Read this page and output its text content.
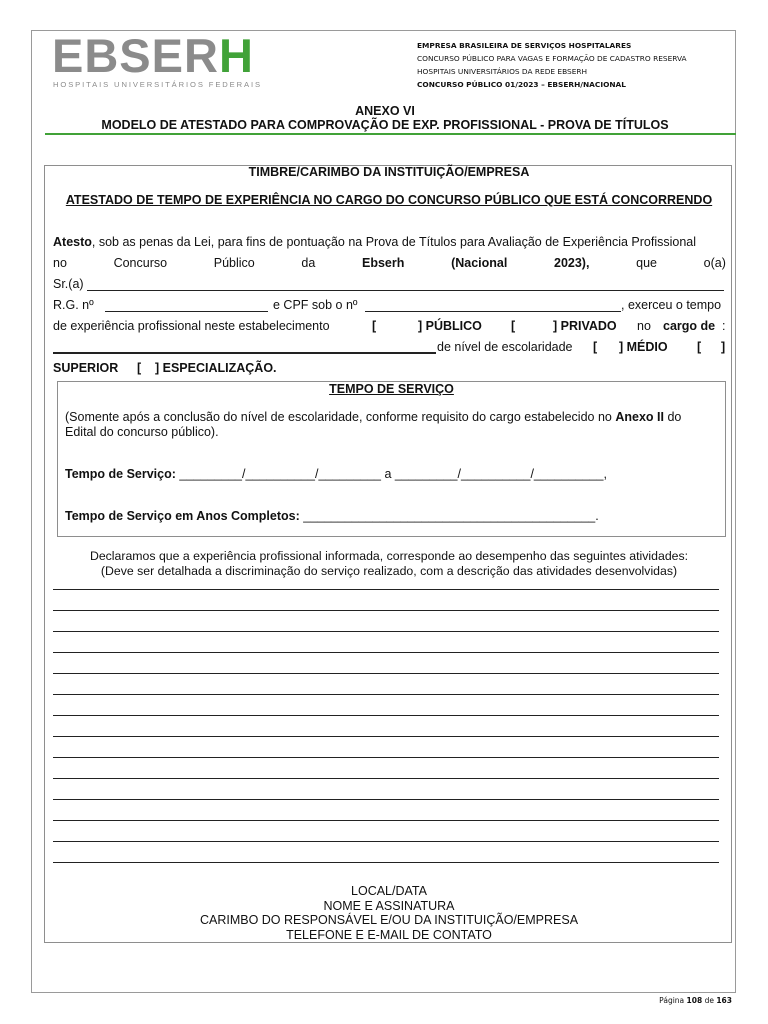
EBSERH
HOSPITAIS UNIVERSITÁRIOS FEDERAIS
EMPRESA BRASILEIRA DE SERVIÇOS HOSPITALARES
CONCURSO PÚBLICO PARA VAGAS E FORMAÇÃO DE CADASTRO RESERVA
HOSPITAIS UNIVERSITÁRIOS DA REDE EBSERH
CONCURSO PÚBLICO 01/2023 – EBSERH/NACIONAL
ANEXO VI
MODELO DE ATESTADO PARA COMPROVAÇÃO DE EXP. PROFISSIONAL - PROVA DE TÍTULOS
TIMBRE/CARIMBO DA INSTITUIÇÃO/EMPRESA
ATESTADO DE TEMPO DE EXPERIÊNCIA NO CARGO DO CONCURSO PÚBLICO QUE ESTÁ CONCORRENDO
Atesto, sob as penas da Lei, para fins de pontuação na Prova de Títulos para Avaliação de Experiência Profissional
no	Concurso	Público	da	Ebserh	(Nacional	2023),	que	o(a)
Sr.(a)
R.G. nº	e CPF sob o nº	, exerceu o tempo
de experiência profissional neste estabelecimento	[	] PÚBLICO [	] PRIVADO no cargo de :
de nível de escolaridade [ ] MÉDIO [ ]
SUPERIOR [ ] ESPECIALIZAÇÃO.
TEMPO DE SERVIÇO
(Somente após a conclusão do nível de escolaridade, conforme requisito do cargo estabelecido no Anexo II do
Edital do concurso público).
Tempo de Serviço: _________/__________/_________ a _________/__________/__________,
Tempo de Serviço em Anos Completos: __________________________________________.
Declaramos que a experiência profissional informada, corresponde ao desempenho das seguintes atividades:
(Deve ser detalhada a discriminação do serviço realizado, com a descrição das atividades desenvolvidas)
LOCAL/DATA
NOME E ASSINATURA
CARIMBO DO RESPONSÁVEL E/OU DA INSTITUIÇÃO/EMPRESA
TELEFONE E E-MAIL DE CONTATO
Página 108 de 163
